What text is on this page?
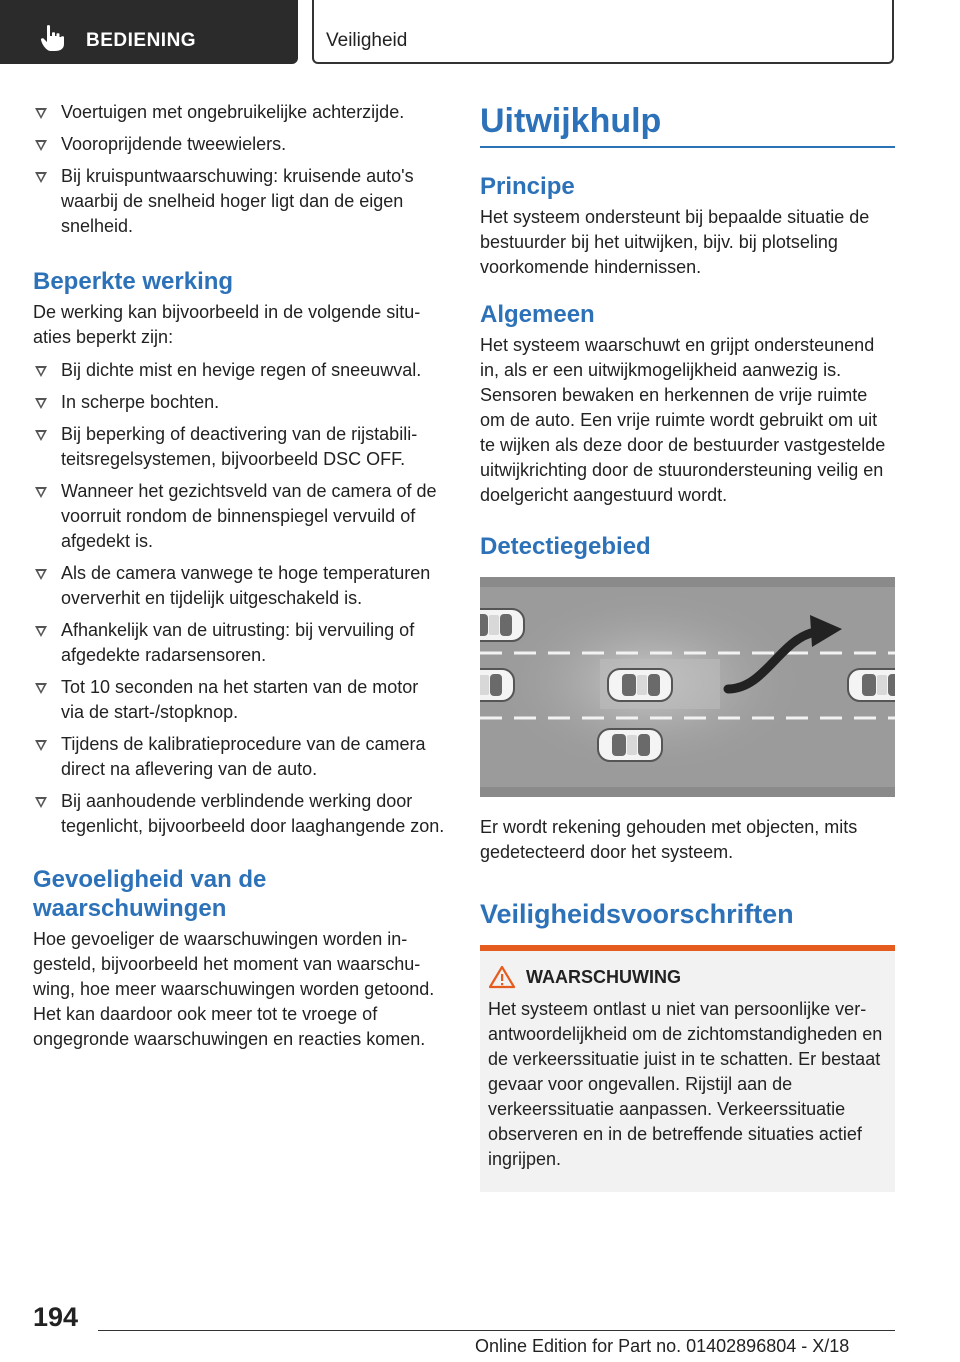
BEDIENING	Veiligheid
Voertuigen met ongebruikelijke achterzijde.
Vooroprijdende tweewielers.
Bij kruispuntwaarschuwing: kruisende auto's waarbij de snelheid hoger ligt dan de eigen snelheid.
Beperkte werking

De werking kan bijvoorbeeld in de volgende situaties beperkt zijn:

Bij dichte mist en hevige regen of sneeuwval.
In scherpe bochten.
Bij beperking of deactivering van de rijstabiliteitsregelsystemen, bijvoorbeeld DSC OFF.
Wanneer het gezichtsveld van de camera of de voorruit rondom de binnenspiegel vervuild of afgedekt is.
Als de camera vanwege te hoge temperaturen oververhit en tijdelijk uitgeschakeld is.
Afhankelijk van de uitrusting: bij vervuiling of afgedekte radarsensoren.
Tot 10 seconden na het starten van de motor via de start-/stopknop.
Tijdens de kalibratieprocedure van de camera direct na aflevering van de auto.
Bij aanhoudende verblindende werking door tegenlicht, bijvoorbeeld door laaghangende zon.
Gevoeligheid van de waarschuwingen

Hoe gevoeliger de waarschuwingen worden ingesteld, bijvoorbeeld het moment van waarschuwing, hoe meer waarschuwingen worden getoond. Het kan daardoor ook meer tot te vroege of ongegronde waarschuwingen en reacties komen.

Uitwijkhulp
Principe

Het systeem ondersteunt bij bepaalde situatie de bestuurder bij het uitwijken, bijv. bij plotseling voorkomende hindernissen.

Algemeen

Het systeem waarschuwt en grijpt ondersteunend in, als er een uitwijkmogelijkheid aanwezig is. Sensoren bewaken en herkennen de vrije ruimte om de auto. Een vrije ruimte wordt gebruikt om uit te wijken als deze door de bestuurder vastgestelde uitwijkrichting door de stuurondersteuning veilig en doelgericht aangestuurd wordt.

Detectiegebied

Er wordt rekening gehouden met objecten, mits gedetecteerd door het systeem.

Veiligheidsvoorschriften
WAARSCHUWING

Het systeem ontlast u niet van persoonlijke verantwoordelijkheid om de zichtomstandigheden en de verkeerssituatie juist in te schatten. Er bestaat gevaar voor ongevallen. Rijstijl aan de verkeerssituatie aanpassen. Verkeerssituatie observeren en in de betreffende situaties actief ingrijpen.

194
Online Edition for Part no. 01402896804 - X/18
